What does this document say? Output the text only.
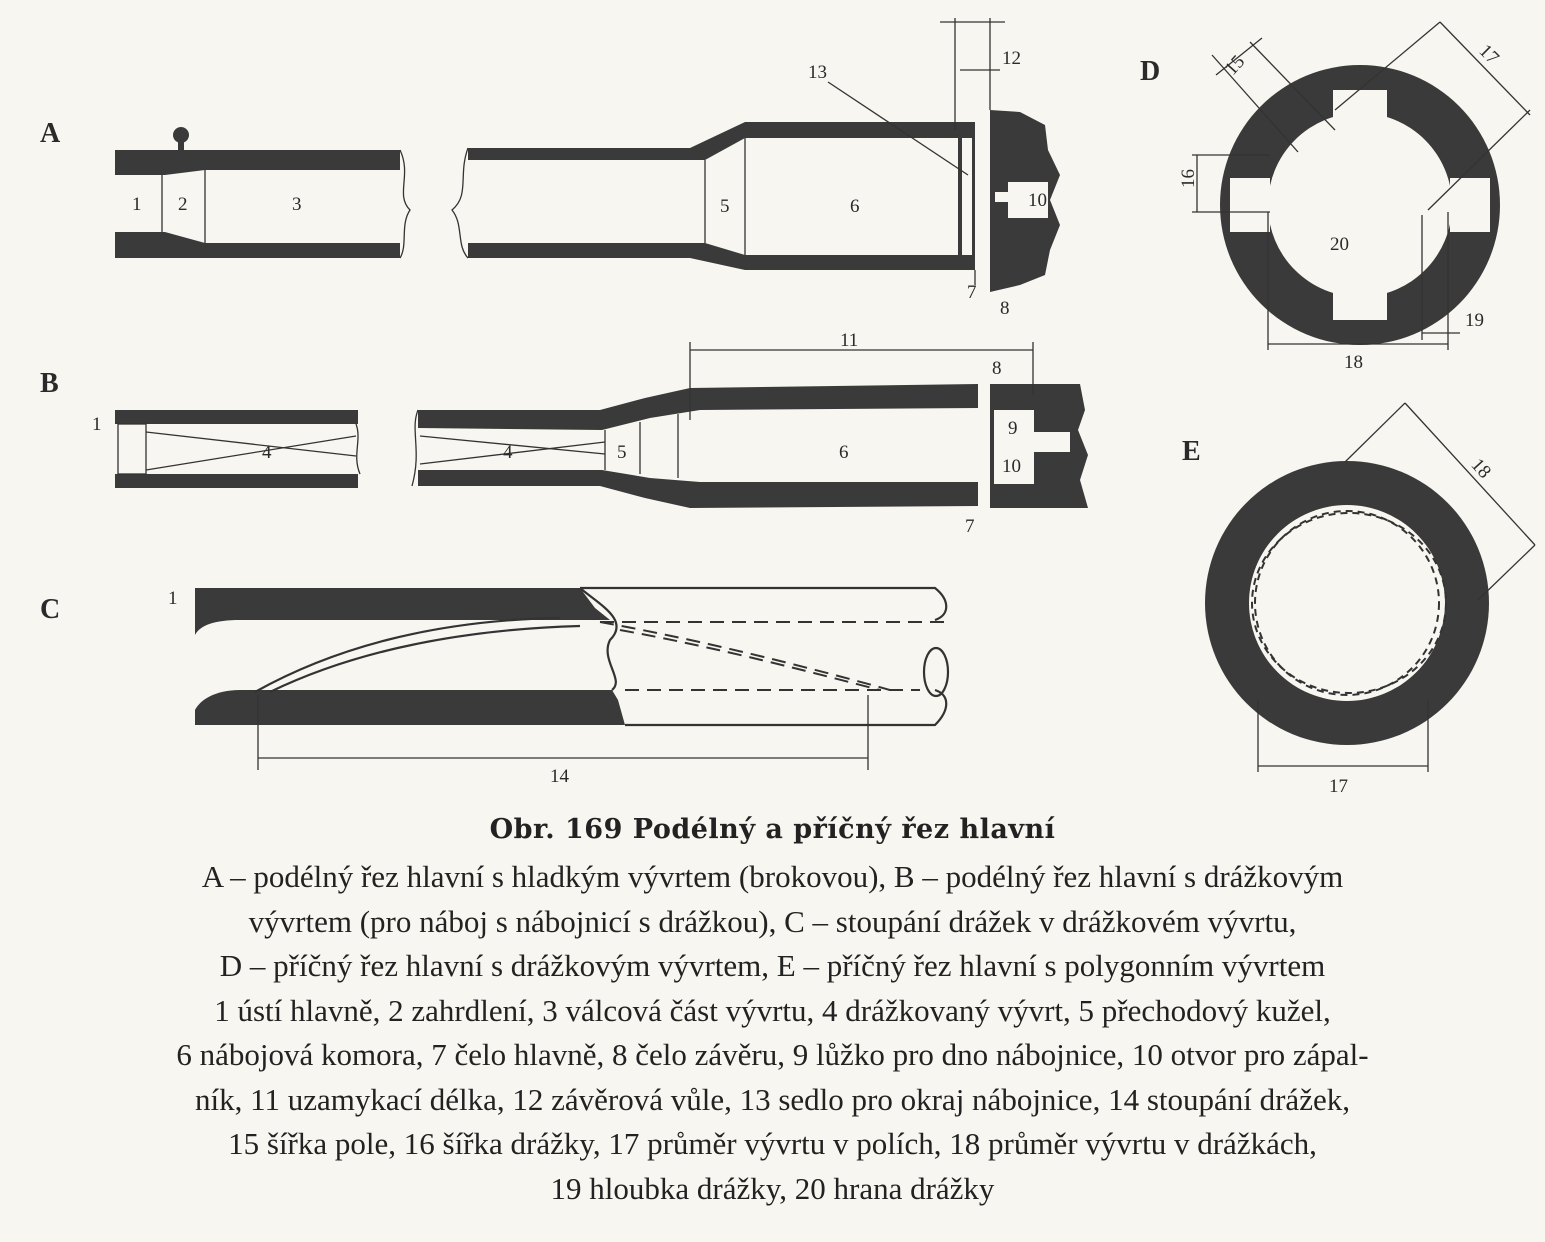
A
1 2	3	5	6
7
8
10
12
13
B
1
4	4	5	6
7
8
9
10
11
C	1
14
D	15
16
17
18
19
20
E
17
18
Obr. 169 Podélný a příčný řez hlavní
A – podélný řez hlavní s hladkým vývrtem (brokovou), B – podélný řez hlavní s drážkovým
vývrtem (pro náboj s nábojnicí s drážkou), C – stoupání drážek v drážkovém vývrtu,
D – příčný řez hlavní s drážkovým vývrtem, E – příčný řez hlavní s polygonním vývrtem
1 ústí hlavně, 2 zahrdlení, 3 válcová část vývrtu, 4 drážkovaný vývrt, 5 přechodový kužel,
6 nábojová komora, 7 čelo hlavně, 8 čelo závěru, 9 lůžko pro dno nábojnice, 10 otvor pro zápal-
ník, 11 uzamykací délka, 12 závěrová vůle, 13 sedlo pro okraj nábojnice, 14 stoupání drážek,
15 šířka pole, 16 šířka drážky, 17 průměr vývrtu v polích, 18 průměr vývrtu v drážkách,
19 hloubka drážky, 20 hrana drážky
